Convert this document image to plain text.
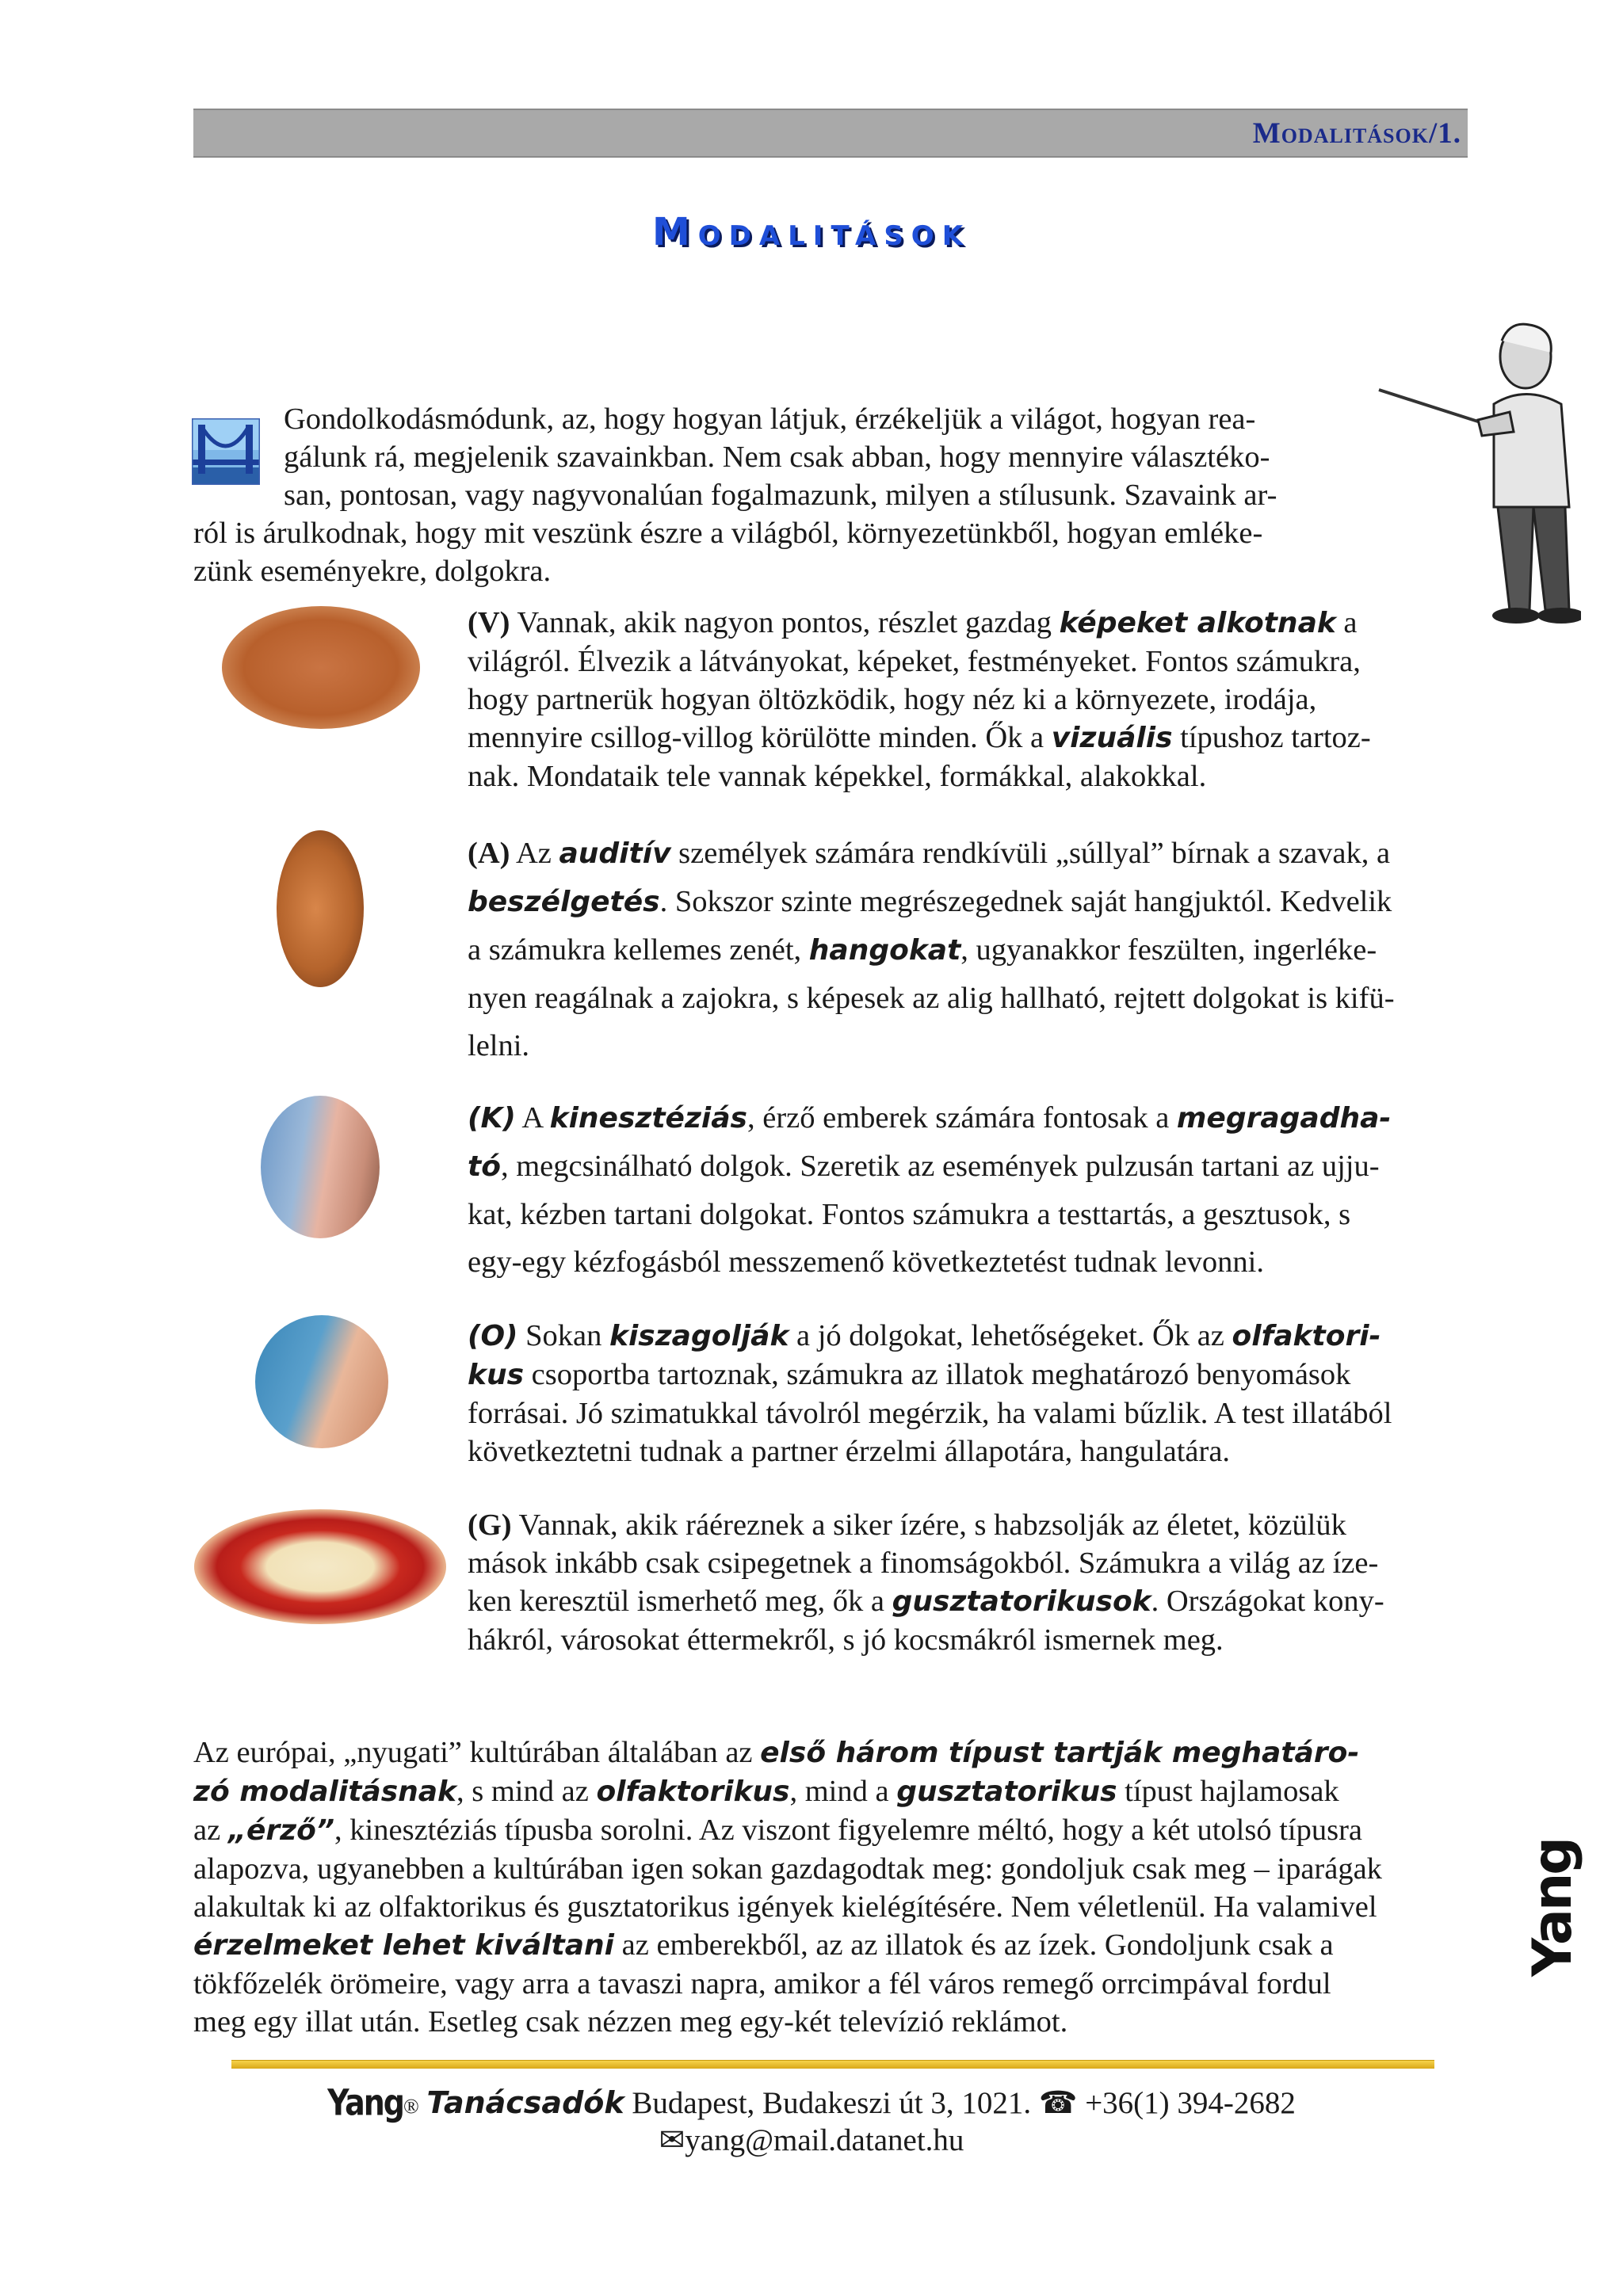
Modalitások/1.
Modalitások
Gondolkodásmódunk, az, hogy hogyan látjuk, érzékeljük a világot, hogyan rea-
gálunk rá, megjelenik szavainkban. Nem csak abban, hogy mennyire választéko-
san, pontosan, vagy nagyvonalúan fogalmazunk, milyen a stílusunk. Szavaink ar-
ról is árulkodnak, hogy mit veszünk észre a világból, környezetünkből, hogyan emléke-
zünk eseményekre, dolgokra.
(V) Vannak, akik nagyon pontos, részlet gazdag képeket alkotnak a
világról. Élvezik a látványokat, képeket, festményeket. Fontos számukra,
hogy partnerük hogyan öltözködik, hogy néz ki a környezete, irodája,
mennyire csillog-villog körülötte minden. Ők a vizuális típushoz tartoz-
nak. Mondataik tele vannak képekkel, formákkal, alakokkal.
(A) Az auditív személyek számára rendkívüli „súllyal” bírnak a szavak, a
beszélgetés. Sokszor szinte megrészegednek saját hangjuktól. Kedvelik
a számukra kellemes zenét, hangokat, ugyanakkor feszülten, ingerléke-
nyen reagálnak a zajokra, s képesek az alig hallható, rejtett dolgokat is kifü-
lelni.
(K) A kinesztéziás, érző emberek számára fontosak a megragadha-
tó, megcsinálható dolgok. Szeretik az események pulzusán tartani az ujju-
kat, kézben tartani dolgokat. Fontos számukra a testtartás, a gesztusok, s
egy-egy kézfogásból messzemenő következtetést tudnak levonni.
(O) Sokan kiszagolják a jó dolgokat, lehetőségeket. Ők az olfaktori-
kus csoportba tartoznak, számukra az illatok meghatározó benyomások
forrásai. Jó szimatukkal távolról megérzik, ha valami bűzlik. A test illatából
következtetni tudnak a partner érzelmi állapotára, hangulatára.
(G) Vannak, akik ráéreznek a siker ízére, s habzsolják az életet, közülük
mások inkább csak csipegetnek a finomságokból. Számukra a világ az íze-
ken keresztül ismerhető meg, ők a gusztatorikusok. Országokat kony-
hákról, városokat éttermekről, s jó kocsmákról ismernek meg.
Az európai, „nyugati” kultúrában általában az első három típust tartják meghatáro-
zó modalitásnak, s mind az olfaktorikus, mind a gusztatorikus típust hajlamosak
az „érző”, kinesztéziás típusba sorolni. Az viszont figyelemre méltó, hogy a két utolsó típusra
alapozva, ugyanebben a kultúrában igen sokan gazdagodtak meg: gondoljuk csak meg – iparágak
alakultak ki az olfaktorikus és gusztatorikus igények kielégítésére. Nem véletlenül. Ha valamivel
érzelmeket lehet kiváltani az emberekből, az az illatok és az ízek. Gondoljunk csak a
tökfőzelék örömeire, vagy arra a tavaszi napra, amikor a fél város remegő orrcimpával fordul
meg egy illat után. Esetleg csak nézzen meg egy-két televízió reklámot.
Yang
Yang® Tanácsadók Budapest, Budakeszi út 3, 1021. ☎ +36(1) 394-2682
✉yang@mail.datanet.hu
